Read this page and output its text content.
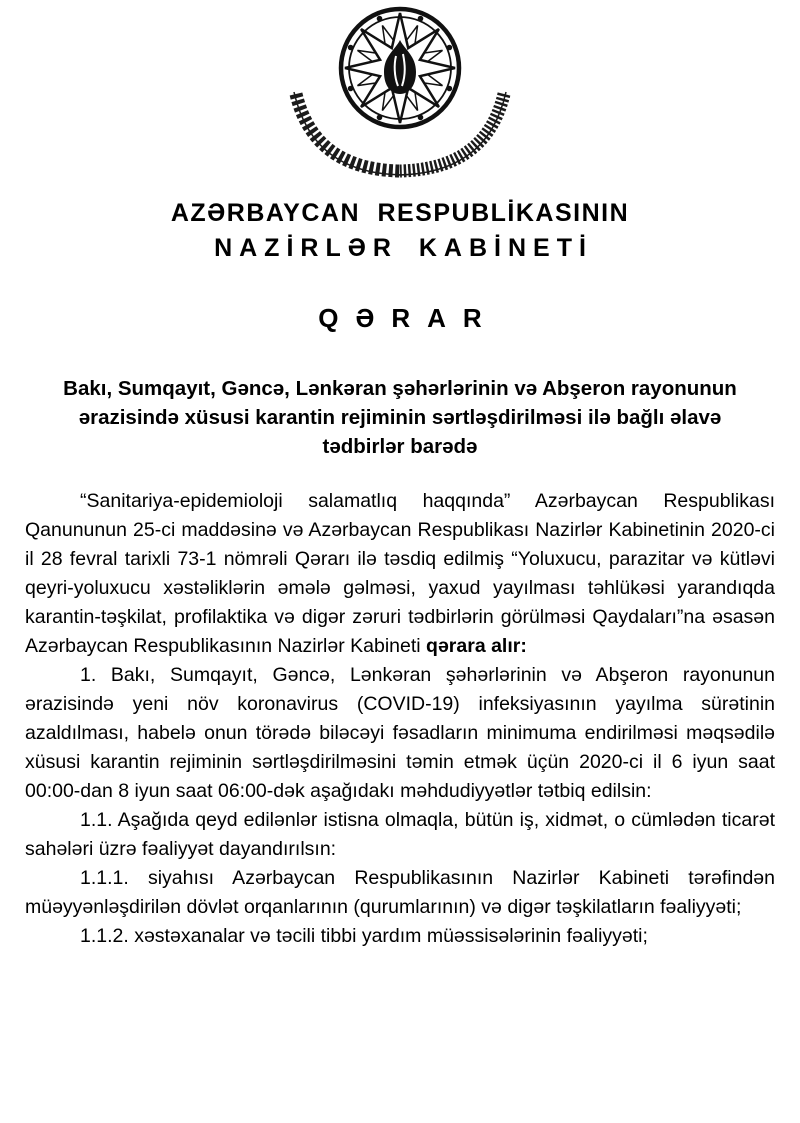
AZƏRBAYCAN RESPUBLİKASININ
NAZİRLƏR KABİNETİ
QƏRAR
Bakı, Sumqayıt, Gəncə, Lənkəran şəhərlərinin və Abşeron rayonunun ərazisində xüsusi karantin rejiminin sərtləşdirilməsi ilə bağlı əlavə tədbirlər barədə

“Sanitariya-epidemioloji salamatlıq haqqında” Azərbaycan Respublikası Qanununun 25-ci maddəsinə və Azərbaycan Respublikası Nazirlər Kabinetinin 2020-ci il 28 fevral tarixli 73-1 nömrəli Qərarı ilə təsdiq edilmiş “Yoluxucu, parazitar və kütləvi qeyri-yoluxucu xəstəliklərin əmələ gəlməsi, yaxud yayılması təhlükəsi yarandıqda karantin-təşkilat, profilaktika və digər zəruri tədbirlərin görülməsi Qaydaları”na əsasən Azərbaycan Respublikasının Nazirlər Kabineti qərara alır:

1. Bakı, Sumqayıt, Gəncə, Lənkəran şəhərlərinin və Abşeron rayonunun ərazisində yeni növ koronavirus (COVID-19) infeksiyasının yayılma sürətinin azaldılması, habelə onun törədə biləcəyi fəsadların minimuma endirilməsi məqsədilə xüsusi karantin rejiminin sərtləşdirilməsini təmin etmək üçün 2020-ci il 6 iyun saat 00:00-dan 8 iyun saat 06:00-dək aşağıdakı məhdudiyyətlər tətbiq edilsin:

1.1. Aşağıda qeyd edilənlər istisna olmaqla, bütün iş, xidmət, o cümlədən ticarət sahələri üzrə fəaliyyət dayandırılsın:

1.1.1. siyahısı Azərbaycan Respublikasının Nazirlər Kabineti tərəfindən müəyyənləşdirilən dövlət orqanlarının (qurumlarının) və digər təşkilatların fəaliyyəti;

1.1.2. xəstəxanalar və təcili tibbi yardım müəssisələrinin fəaliyyəti;
